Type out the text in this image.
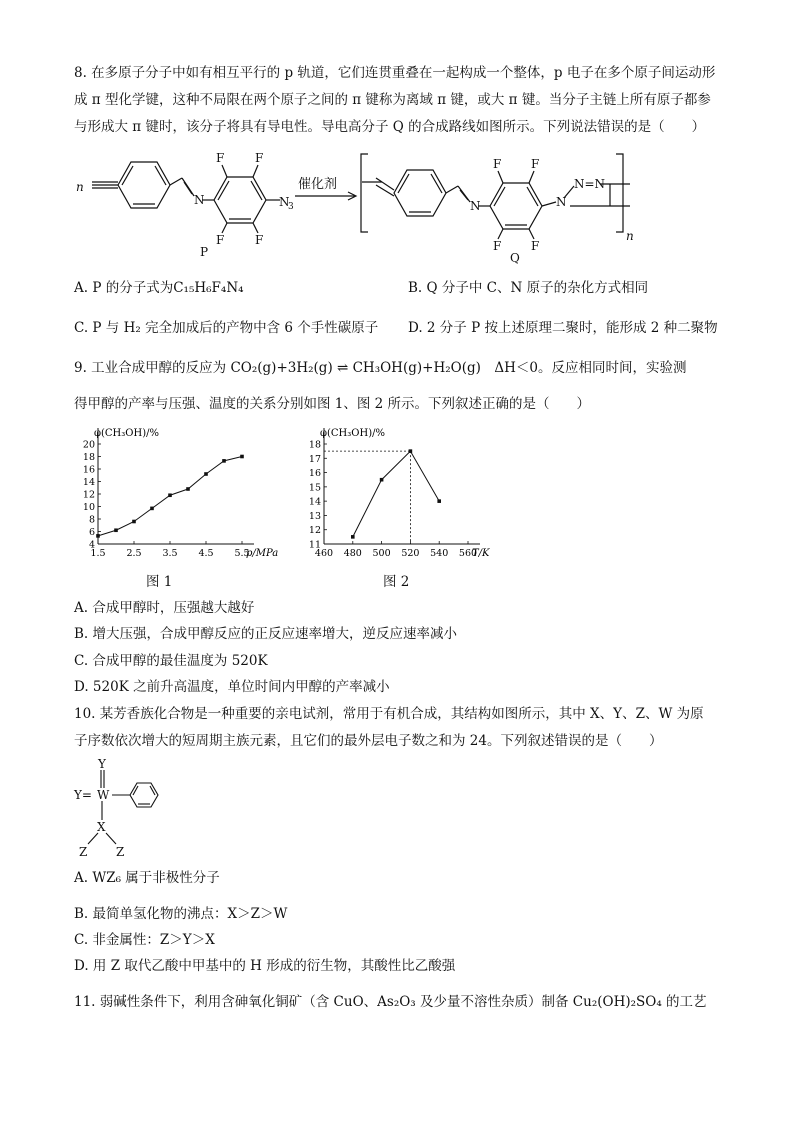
8. 在多原子分子中如有相互平行的 p 轨道，它们连贯重叠在一起构成一个整体，p 电子在多个原子间运动形
成 π 型化学键，这种不局限在两个原子之间的 π 键称为离域 π 键，或大 π 键。当分子主链上所有原子都参
与形成大 π 键时，该分子将具有导电性。导电高分子 Q 的合成路线如图所示。下列说法错误的是（　　）
n
N
F	F
F	F
N
3
P
催化剂
N
F F
F F
N
N=N
Q
n
A. P 的分子式为C₁₅H₆F₄N₄	B. Q 分子中 C、N 原子的杂化方式相同
C. P 与 H₂ 完全加成后的产物中含 6 个手性碳原子 D. 2 分子 P 按上述原理二聚时，能形成 2 种二聚物
9. 工业合成甲醇的反应为 CO₂(g)+3H₂(g) ⇌ CH₃OH(g)+H₂O(g)　ΔH＜0。反应相同时间，实验测
得甲醇的产率与压强、温度的关系分别如图 1、图 2 所示。下列叙述正确的是（　　）
φ(CH₃OH)/%
p/MPa
4
6
8
10
12
14
16
18
20
1.5 2.5 3.5 4.5 5.5
φ(CH₃OH)/%
T/K
11
12
13
14
15
16
17
18
460 480 500 520 540 560
图 1	图 2
A. 合成甲醇时，压强越大越好
B. 增大压强，合成甲醇反应的正反应速率增大，逆反应速率减小
C. 合成甲醇的最佳温度为 520K
D. 520K 之前升高温度，单位时间内甲醇的产率减小
10. 某芳香族化合物是一种重要的亲电试剂，常用于有机合成，其结构如图所示，其中 X、Y、Z、W 为原
子序数依次增大的短周期主族元素，且它们的最外层电子数之和为 24。下列叙述错误的是（　　）
Y
Y= W
X
Z Z
A. WZ₆ 属于非极性分子
B. 最简单氢化物的沸点：X＞Z＞W
C. 非金属性：Z＞Y＞X
D. 用 Z 取代乙酸中甲基中的 H 形成的衍生物，其酸性比乙酸强
11. 弱碱性条件下，利用含砷氧化铜矿（含 CuO、As₂O₃ 及少量不溶性杂质）制备 Cu₂(OH)₂SO₄ 的工艺
